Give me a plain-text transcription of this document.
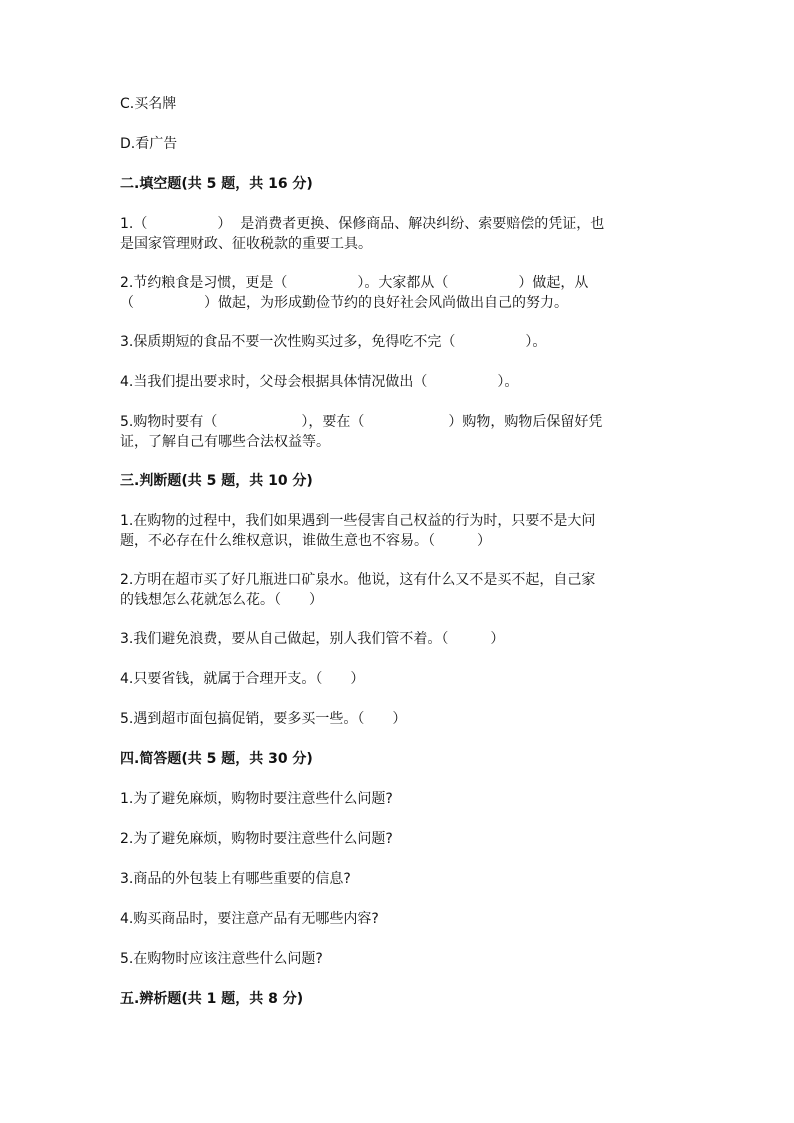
C.买名牌
D.看广告
二.填空题(共 5 题，共 16 分)
1.（　　　　　）  是消费者更换、保修商品、解决纠纷、索要赔偿的凭证，也
是国家管理财政、征收税款的重要工具。
2.节约粮食是习惯，更是（　　　　　）。大家都从（　　　　　）做起，从
（　　　　　）做起，为形成勤俭节约的良好社会风尚做出自己的努力。
3.保质期短的食品不要一次性购买过多，免得吃不完（　　　　　）。
4.当我们提出要求时，父母会根据具体情况做出（　　　　　）。
5.购物时要有（　　　　　　），要在（　　　　　　）购物，购物后保留好凭
证，了解自己有哪些合法权益等。
三.判断题(共 5 题，共 10 分)
1.在购物的过程中，我们如果遇到一些侵害自己权益的行为时，只要不是大问
题，不必存在什么维权意识，谁做生意也不容易。（　　　）
2.方明在超市买了好几瓶进口矿泉水。他说，这有什么又不是买不起，自己家
的钱想怎么花就怎么花。（　　）
3.我们避免浪费，要从自己做起，别人我们管不着。（　　　）
4.只要省钱，就属于合理开支。（　　）
5.遇到超市面包搞促销，要多买一些。（　　）
四.简答题(共 5 题，共 30 分)
1.为了避免麻烦，购物时要注意些什么问题?
2.为了避免麻烦，购物时要注意些什么问题?
3.商品的外包装上有哪些重要的信息?
4.购买商品时，要注意产品有无哪些内容?
5.在购物时应该注意些什么问题?
五.辨析题(共 1 题，共 8 分)
